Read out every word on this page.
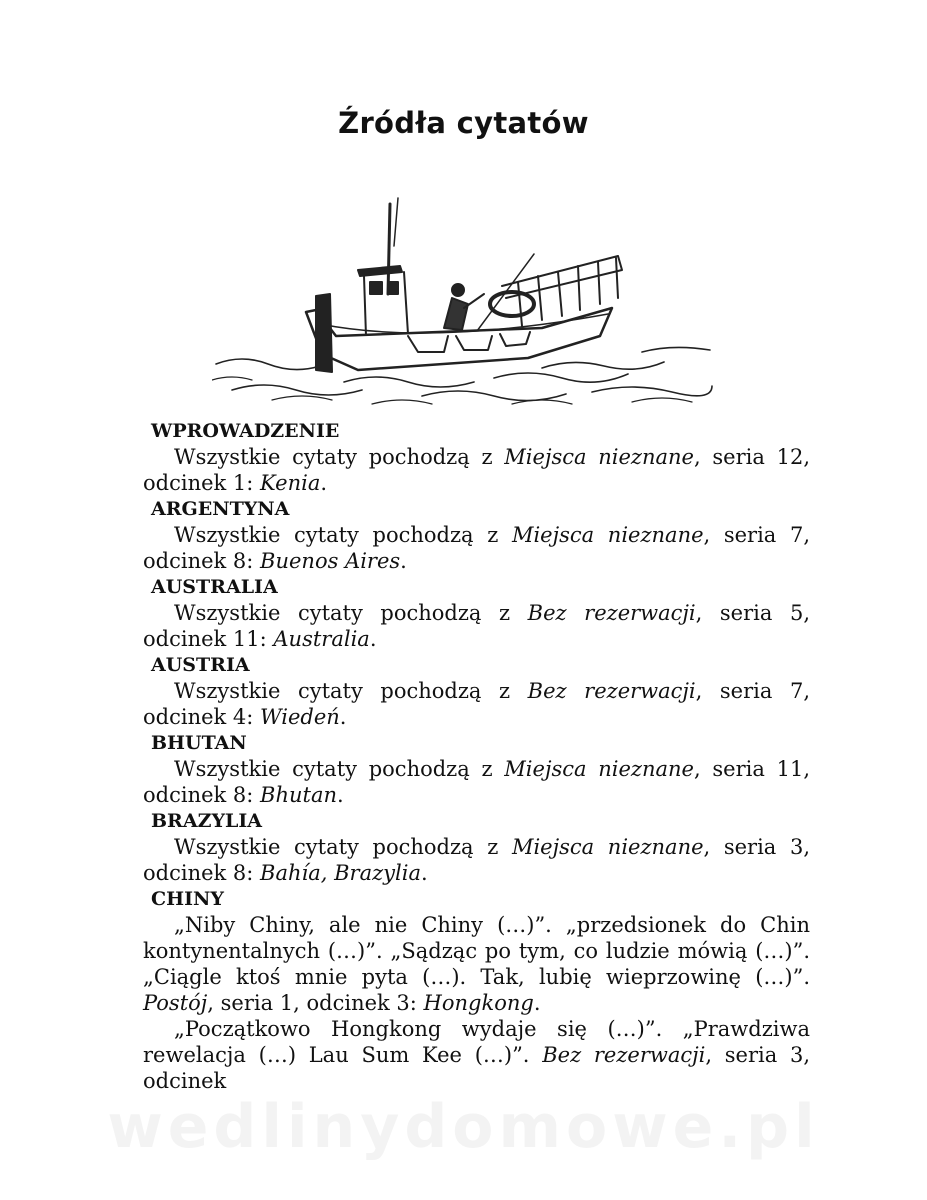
Źródła cytatów
WPROWADZENIE

Wszystkie cytaty pochodzą z Miejsca nieznane, seria 12, odcinek 1: Kenia.

ARGENTYNA

Wszystkie cytaty pochodzą z Miejsca nieznane, seria 7, odcinek 8: Buenos Aires.

AUSTRALIA

Wszystkie cytaty pochodzą z Bez rezerwacji, seria 5, odcinek 11: Australia.

AUSTRIA

Wszystkie cytaty pochodzą z Bez rezerwacji, seria 7, odcinek 4: Wiedeń.

BHUTAN

Wszystkie cytaty pochodzą z Miejsca nieznane, seria 11, odcinek 8: Bhutan.

BRAZYLIA

Wszystkie cytaty pochodzą z Miejsca nieznane, seria 3, odcinek 8: Bahía, Brazylia.

CHINY

„Niby Chiny, ale nie Chiny (…)”. „przedsionek do Chin kontynentalnych (…)”. „Sądząc po tym, co ludzie mówią (…)”. „Ciągle ktoś mnie pyta (…). Tak, lubię wieprzowinę (…)”. Postój, seria 1, odcinek 3: Hongkong.

„Początkowo Hongkong wydaje się (…)”. „Prawdziwa rewelacja (…) Lau Sum Kee (…)”. Bez rezerwacji, seria 3, odcinek

wedlinydomowe.pl
